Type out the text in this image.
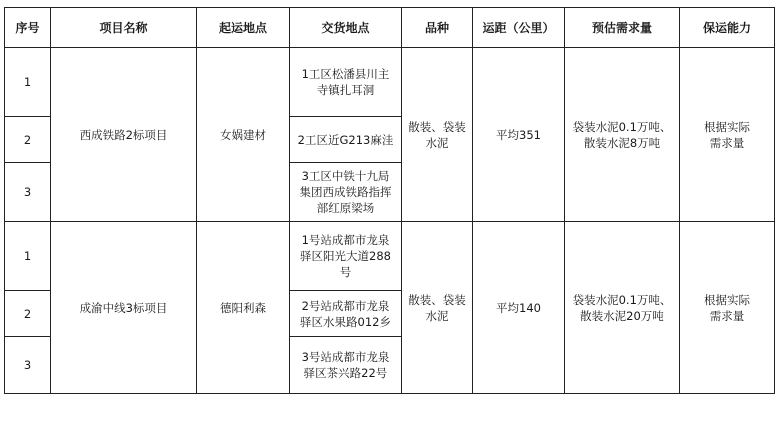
序号	项目名称	起运地点	交货地点	品种	运距（公里）	预估需求量	保运能力
1	西成铁路2标项目	女娲建材	1工区松潘县川主寺镇扎耳洞	散装、袋装水泥	平均351	袋装水泥0.1万吨、散装水泥8万吨	根据实际需求量
2			2工区近G213麻洼				
3			3工区中铁十九局集团西成铁路指挥部红原梁场				
1	成渝中线3标项目	德阳利森	1号站成都市龙泉驿区阳光大道288号	散装、袋装水泥	平均140	袋装水泥0.1万吨、散装水泥20万吨	根据实际需求量
2			2号站成都市龙泉驿区水果路012乡				
3			3号站成都市龙泉驿区茶兴路22号				
